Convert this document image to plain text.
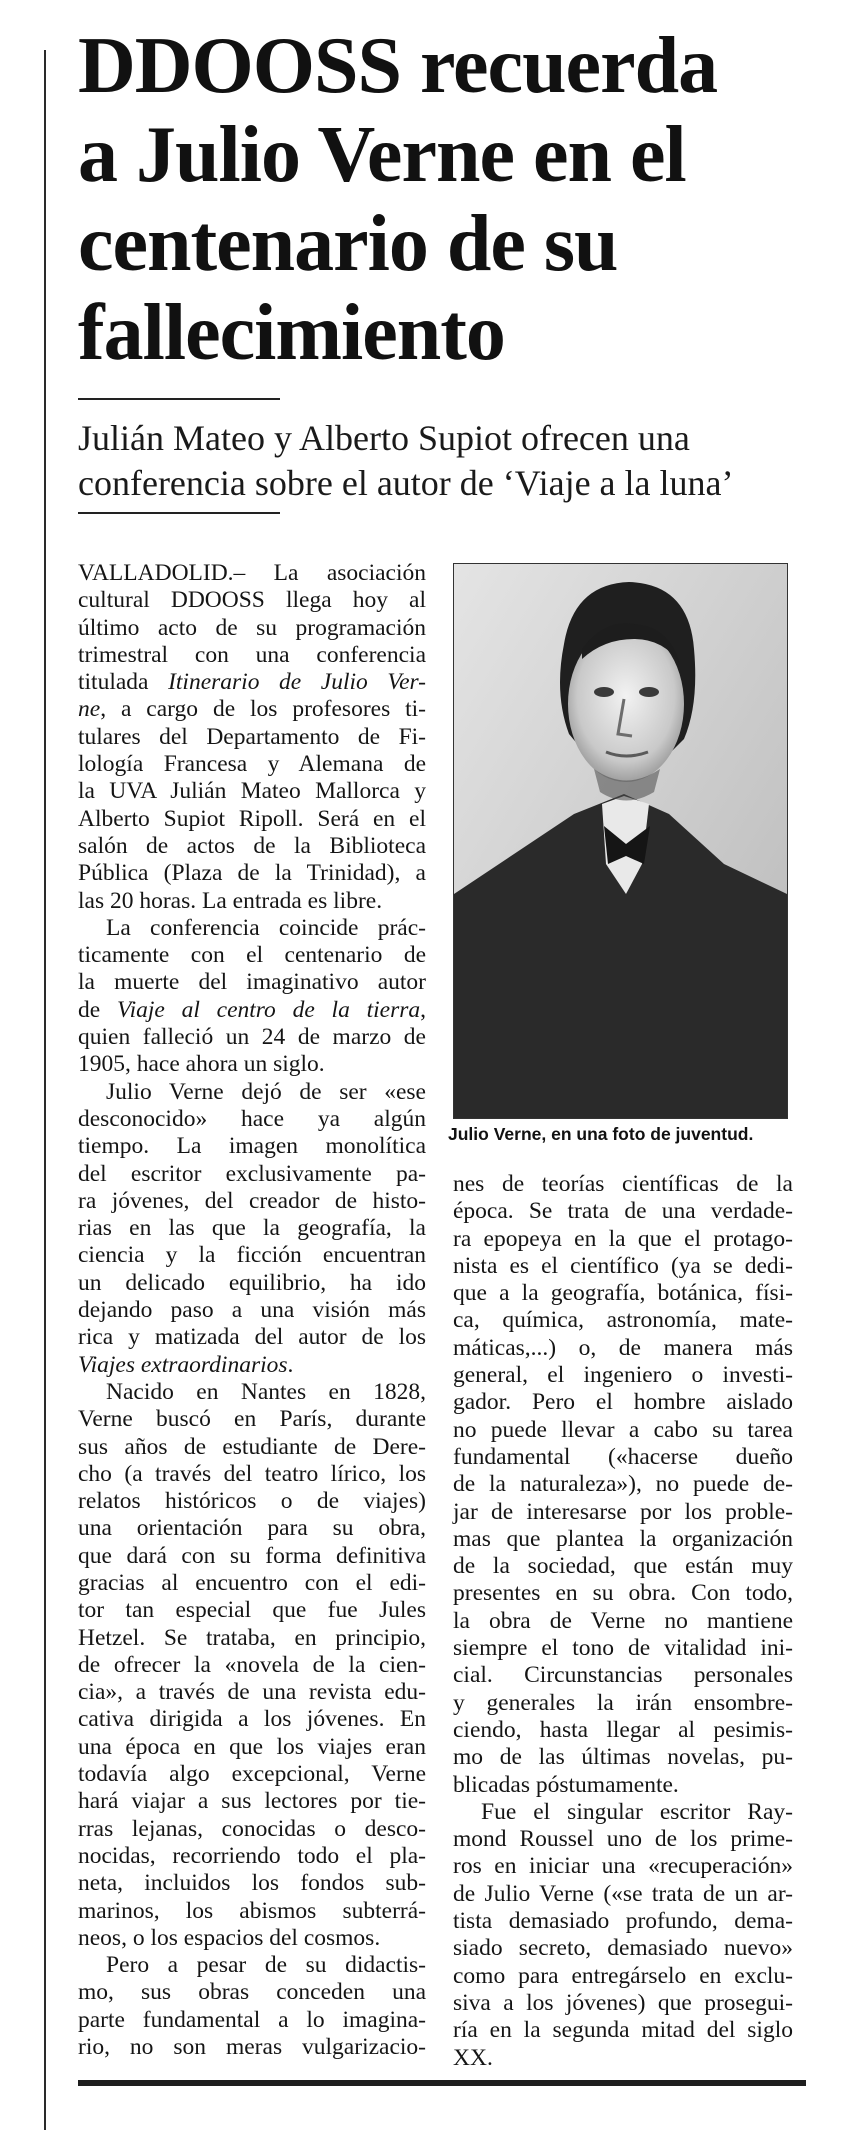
DDOOSS recuerda
a Julio Verne en el
centenario de su
fallecimiento
Julián Mateo y Alberto Supiot ofrecen una
conferencia sobre el autor de ‘Viaje a la luna’
VALLADOLID.– La asociación
cultural DDOOSS llega hoy al
último acto de su programación
trimestral con una conferencia
titulada Itinerario de Julio Ver-
ne, a cargo de los profesores ti-
tulares del Departamento de Fi-
lología Francesa y Alemana de
la UVA Julián Mateo Mallorca y
Alberto Supiot Ripoll. Será en el
salón de actos de la Biblioteca
Pública (Plaza de la Trinidad), a
las 20 horas. La entrada es libre.
La conferencia coincide prác-
ticamente con el centenario de
la muerte del imaginativo autor
de Viaje al centro de la tierra,
quien falleció un 24 de marzo de
1905, hace ahora un siglo.
Julio Verne dejó de ser «ese
desconocido» hace ya algún
tiempo. La imagen monolítica
del escritor exclusivamente pa-
ra jóvenes, del creador de histo-
rias en las que la geografía, la
ciencia y la ficción encuentran
un delicado equilibrio, ha ido
dejando paso a una visión más
rica y matizada del autor de los
Viajes extraordinarios.
Nacido en Nantes en 1828,
Verne buscó en París, durante
sus años de estudiante de Dere-
cho (a través del teatro lírico, los
relatos históricos o de viajes)
una orientación para su obra,
que dará con su forma definitiva
gracias al encuentro con el edi-
tor tan especial que fue Jules
Hetzel. Se trataba, en principio,
de ofrecer la «novela de la cien-
cia», a través de una revista edu-
cativa dirigida a los jóvenes. En
una época en que los viajes eran
todavía algo excepcional, Verne
hará viajar a sus lectores por tie-
rras lejanas, conocidas o desco-
nocidas, recorriendo todo el pla-
neta, incluidos los fondos sub-
marinos, los abismos subterrá-
neos, o los espacios del cosmos.
Pero a pesar de su didactis-
mo, sus obras conceden una
parte fundamental a lo imagina-
rio, no son meras vulgarizacio-
Julio Verne, en una foto de juventud.
nes de teorías científicas de la
época. Se trata de una verdade-
ra epopeya en la que el protago-
nista es el científico (ya se dedi-
que a la geografía, botánica, físi-
ca, química, astronomía, mate-
máticas,...) o, de manera más
general, el ingeniero o investi-
gador. Pero el hombre aislado
no puede llevar a cabo su tarea
fundamental («hacerse dueño
de la naturaleza»), no puede de-
jar de interesarse por los proble-
mas que plantea la organización
de la sociedad, que están muy
presentes en su obra. Con todo,
la obra de Verne no mantiene
siempre el tono de vitalidad ini-
cial. Circunstancias personales
y generales la irán ensombre-
ciendo, hasta llegar al pesimis-
mo de las últimas novelas, pu-
blicadas póstumamente.
Fue el singular escritor Ray-
mond Roussel uno de los prime-
ros en iniciar una «recuperación»
de Julio Verne («se trata de un ar-
tista demasiado profundo, dema-
siado secreto, demasiado nuevo»
como para entregárselo en exclu-
siva a los jóvenes) que prosegui-
ría en la segunda mitad del siglo
XX.
